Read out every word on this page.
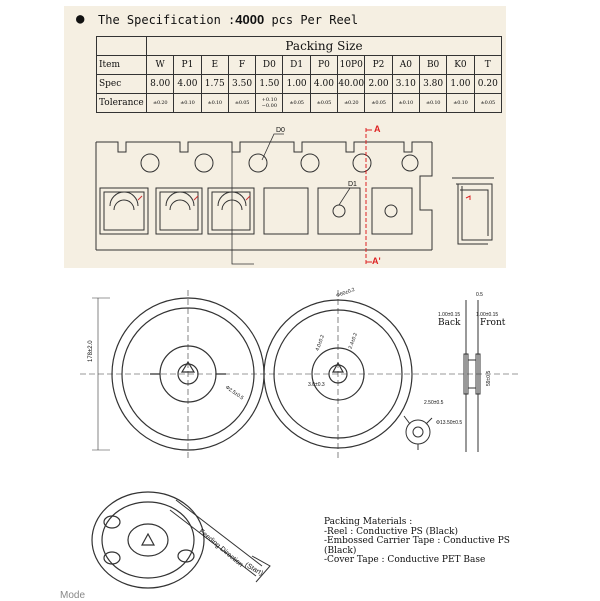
● The Specification :4000 pcs Per Reel
	Packing Size												
Item	W	P1	E	F	D0	D1	P0	10P0	P2	A0	B0	K0	T
Spec	8.00	4.00	1.75	3.50	1.50	1.00	4.00	40.00	2.00	3.10	3.80	1.00	0.20
Tolerance	±0.20	±0.10	±0.10	±0.05	+0.10 −0.00	±0.05	±0.05	±0.20	±0.05	±0.10	±0.10	±0.10	±0.05
D0
D1
A
A'
178±2.0
Φ2.5±0.5
4.0±0.2	2.4±0.2
3.0±0.3
Φ60±0.2	0.5
1.00±0.15	1.00±0.15
Back Front
59±0.5
2.50±0.5
Φ13.50±0.5
Feeding Direction
(Start)
Packing Materials :
-Reel : Conductive PS (Black)
-Embossed Carrier Tape : Conductive PS
(Black)
-Cover Tape : Conductive PET Base
Mode
